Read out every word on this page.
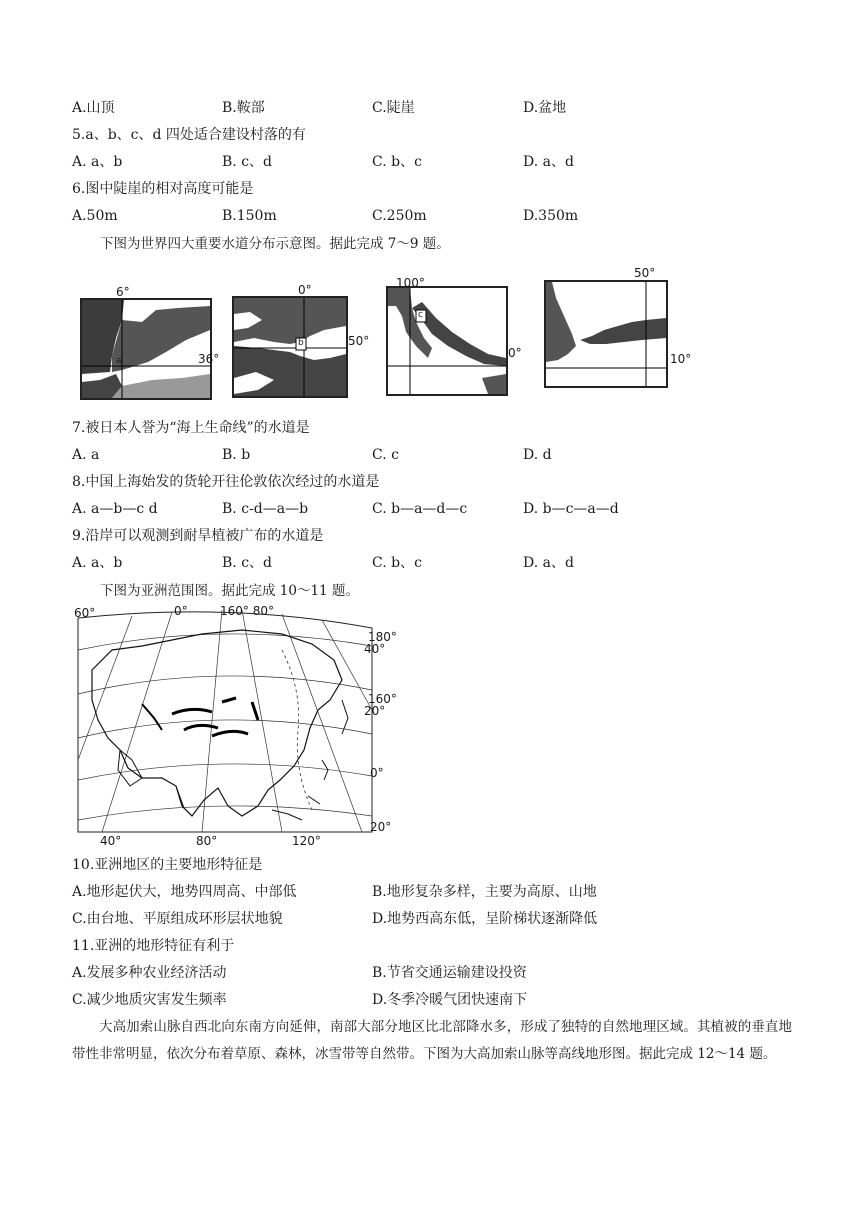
A.山顶	B.鞍部	C.陡崖	D.盆地
5.a、b、c、d 四处适合建设村落的有
A. a、b	B. c、d	C. b、c	D. a、d
6.图中陡崖的相对高度可能是
A.50m	B.150m	C.250m	D.350m
下图为世界四大重要水道分布示意图。据此完成 7～9 题。
a
6°
36°
b
0°
50°
c
100°
0°
d
50°
10°
7.被日本人誉为“海上生命线”的水道是
A. a	B. b	C. c	D. d
8.中国上海始发的货轮开往伦敦依次经过的水道是
A. a—b—c d	B. c-d—a—b	C. b—a—d—c	D. b—c—a—d
9.沿岸可以观测到耐旱植被广布的水道是
A. a、b	B. c、d	C. b、c	D. a、d
下图为亚洲范围图。据此完成 10～11 题。
60°	0°	160° 80°
180°
40°
160°
20°
0°
20°
40°	80°	120°
10.亚洲地区的主要地形特征是
A.地形起伏大，地势四周高、中部低	B.地形复杂多样，主要为高原、山地
C.由台地、平原组成环形层状地貌	D.地势西高东低，呈阶梯状逐渐降低
11.亚洲的地形特征有利于
A.发展多种农业经济活动	B.节省交通运输建设投资
C.减少地质灾害发生频率	D.冬季冷暖气团快速南下
大高加索山脉自西北向东南方向延伸，南部大部分地区比北部降水多，形成了独特的自然地理区域。其植被的垂直地带性非常明显，依次分布着草原、森林，冰雪带等自然带。下图为大高加索山脉等高线地形图。据此完成 12～14 题。
